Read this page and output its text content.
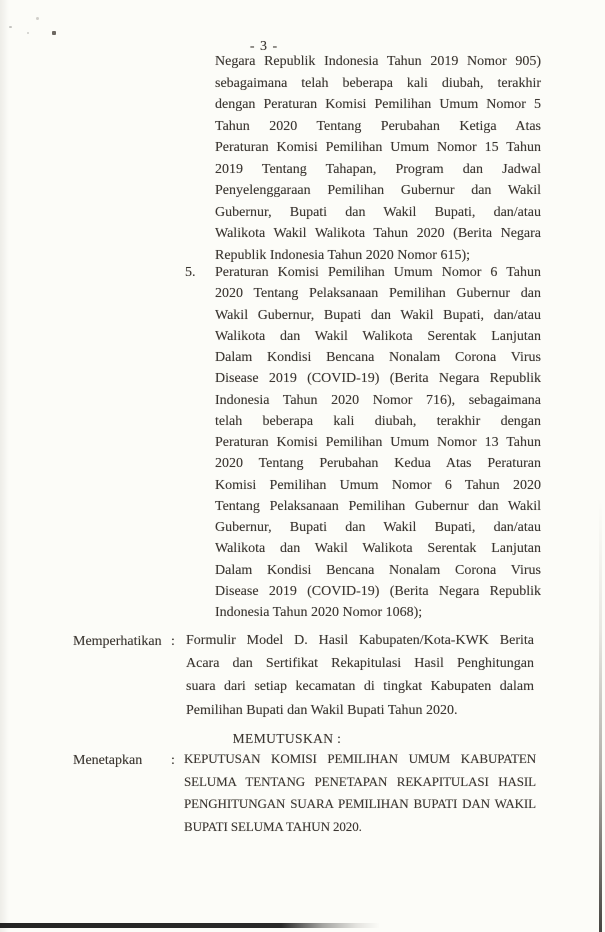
- 3 -
Negara Republik Indonesia Tahun 2019 Nomor 905)
sebagaimana telah beberapa kali diubah, terakhir
dengan Peraturan Komisi Pemilihan Umum Nomor 5
Tahun 2020 Tentang Perubahan Ketiga Atas
Peraturan Komisi Pemilihan Umum Nomor 15 Tahun
2019 Tentang Tahapan, Program dan Jadwal
Penyelenggaraan Pemilihan Gubernur dan Wakil
Gubernur, Bupati dan Wakil Bupati, dan/atau
Walikota Wakil Walikota Tahun 2020 (Berita Negara
Republik Indonesia Tahun 2020 Nomor 615);
5. Peraturan Komisi Pemilihan Umum Nomor 6 Tahun
2020 Tentang Pelaksanaan Pemilihan Gubernur dan
Wakil Gubernur, Bupati dan Wakil Bupati, dan/atau
Walikota dan Wakil Walikota Serentak Lanjutan
Dalam Kondisi Bencana Nonalam Corona Virus
Disease 2019 (COVID-19) (Berita Negara Republik
Indonesia Tahun 2020 Nomor 716), sebagaimana
telah beberapa kali diubah, terakhir dengan
Peraturan Komisi Pemilihan Umum Nomor 13 Tahun
2020 Tentang Perubahan Kedua Atas Peraturan
Komisi Pemilihan Umum Nomor 6 Tahun 2020
Tentang Pelaksanaan Pemilihan Gubernur dan Wakil
Gubernur, Bupati dan Wakil Bupati, dan/atau
Walikota dan Wakil Walikota Serentak Lanjutan
Dalam Kondisi Bencana Nonalam Corona Virus
Disease 2019 (COVID-19) (Berita Negara Republik
Indonesia Tahun 2020 Nomor 1068);
Memperhatikan : Formulir Model D. Hasil Kabupaten/Kota-KWK Berita
Acara dan Sertifikat Rekapitulasi Hasil Penghitungan
suara dari setiap kecamatan di tingkat Kabupaten dalam
Pemilihan Bupati dan Wakil Bupati Tahun 2020.
MEMUTUSKAN :
Menetapkan : KEPUTUSAN KOMISI PEMILIHAN UMUM KABUPATEN
SELUMA TENTANG PENETAPAN REKAPITULASI HASIL
PENGHITUNGAN SUARA PEMILIHAN BUPATI DAN WAKIL
BUPATI SELUMA TAHUN 2020.
